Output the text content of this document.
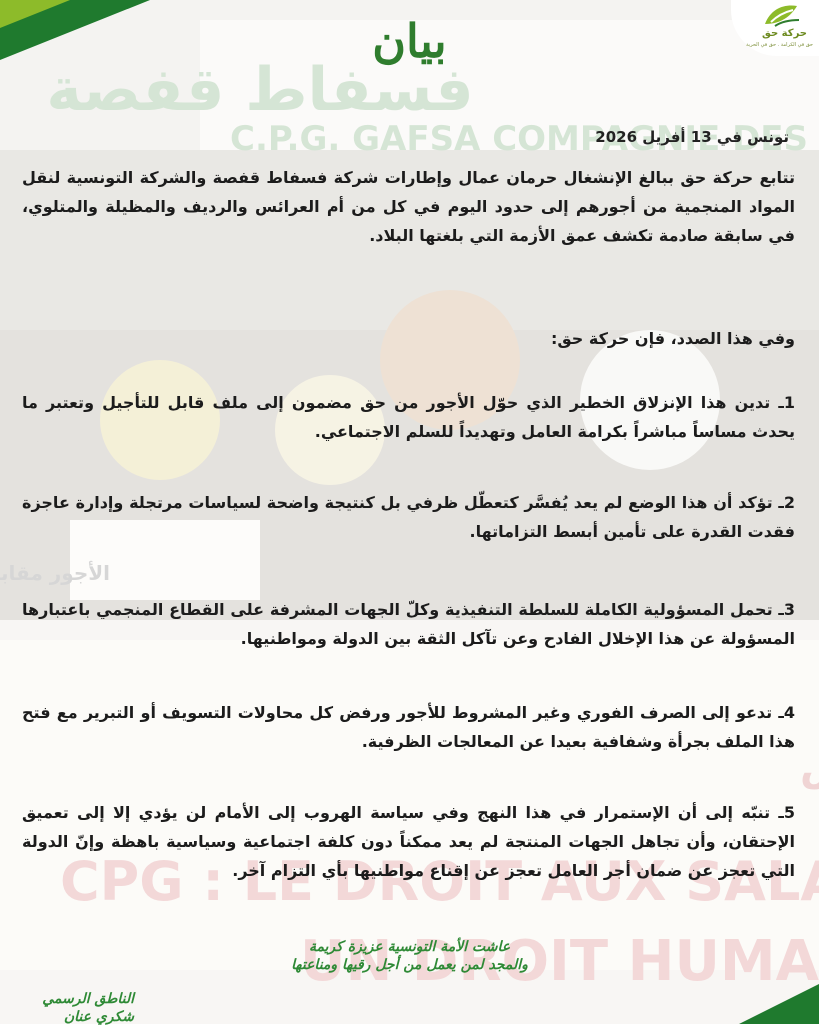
حركة حق
حق في الكرامة . حق في الحرية
بيان
تونس في 13 أفريل 2026
تتابع حركة حق ببالغ الإنشغال حرمان عمال وإطارات شركة فسفاط قفصة والشركة التونسية لنقل المواد المنجمية من أجورهم إلى حدود اليوم في كل من أم العرائس والرديف والمظيلة والمتلوي، في سابقة صادمة تكشف عمق الأزمة التي بلغتها البلاد.
وفي هذا الصدد، فإن حركة حق:
1ـ تدين هذا الإنزلاق الخطير الذي حوّل الأجور من حق مضمون إلى ملف قابل للتأجيل وتعتبر ما يحدث مساساً مباشراً بكرامة العامل وتهديداً للسلم الاجتماعي.
2ـ تؤكد أن هذا الوضع لم يعد يُفسَّر كتعطّل ظرفي بل كنتيجة واضحة لسياسات مرتجلة وإدارة عاجزة فقدت القدرة على تأمين أبسط التزاماتها.
3ـ تحمل المسؤولية الكاملة للسلطة التنفيذية وكلّ الجهات المشرفة على القطاع المنجمي باعتبارها المسؤولة عن هذا الإخلال الفادح وعن تآكل الثقة بين الدولة ومواطنيها.
4ـ تدعو إلى الصرف الفوري وغير المشروط للأجور ورفض كل محاولات التسويف أو التبرير مع فتح هذا الملف بجرأة وشفافية بعيدا عن المعالجات الظرفية.
5ـ تنبّه إلى أن الإستمرار في هذا النهج وفي سياسة الهروب إلى الأمام لن يؤدي إلا إلى تعميق الإحتقان، وأن تجاهل الجهات المنتجة لم يعد ممكناً دون كلفة اجتماعية وسياسية باهظة وإنّ الدولة التي تعجز عن ضمان أجر العامل تعجز عن إقناع مواطنيها بأي التزام آخر.
عاشت الأمة التونسية عزيزة كريمة
والمجد لمن يعمل من أجل رقيها ومناعتها
الناطق الرسمي
شكري عنان
